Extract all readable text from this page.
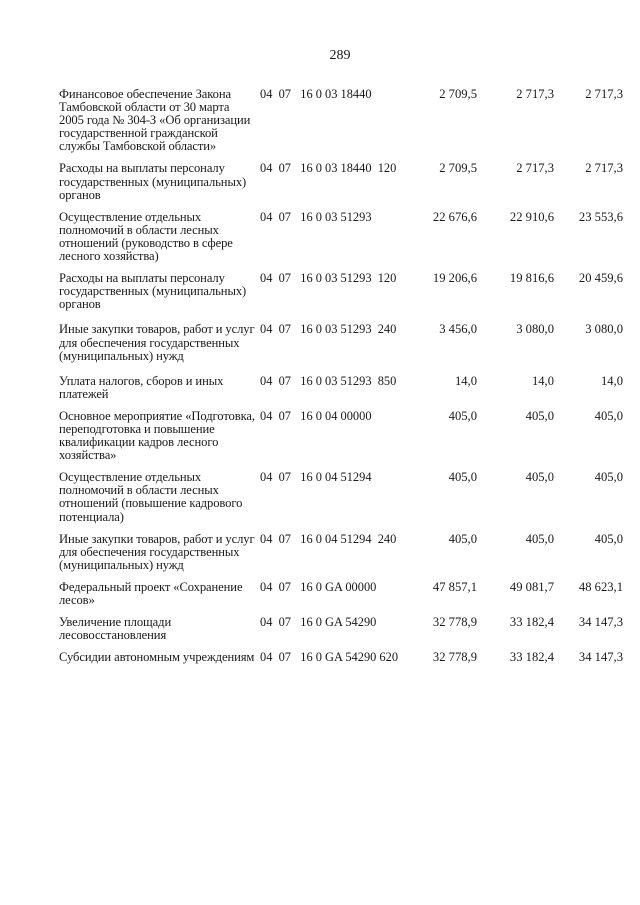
289
Финансовое обеспечение Закона Тамбовской области от 30 марта 2005 года № 304-З «Об организации государственной гражданской службы Тамбовской области»
04  07   16 0 03 18440	2 709,5	2 717,3	2 717,3
Расходы на выплаты персоналу государственных (муниципальных) органов
04  07   16 0 03 18440  120	2 709,5	2 717,3	2 717,3
Осуществление отдельных полномочий в области лесных отношений (руководство в сфере лесного хозяйства)
04  07   16 0 03 51293	22 676,6	22 910,6	23 553,6
Расходы на выплаты персоналу государственных (муниципальных) органов
04  07   16 0 03 51293  120	19 206,6	19 816,6	20 459,6
Иные закупки товаров, работ и услуг для обеспечения государственных (муниципальных) нужд
04  07   16 0 03 51293  240	3 456,0	3 080,0	3 080,0
Уплата налогов, сборов и иных платежей
04  07   16 0 03 51293  850	14,0	14,0	14,0
Основное мероприятие «Подготовка, переподготовка и повышение квалификации кадров лесного хозяйства»
04  07   16 0 04 00000	405,0	405,0	405,0
Осуществление отдельных полномочий в области лесных отношений (повышение кадрового потенциала)
04  07   16 0 04 51294	405,0	405,0	405,0
Иные закупки товаров, работ и услуг для обеспечения государственных (муниципальных) нужд
04  07   16 0 04 51294  240	405,0	405,0	405,0
Федеральный проект «Сохранение лесов»
04  07   16 0 GA 00000	47 857,1	49 081,7	48 623,1
Увеличение площади лесовосстановления
04  07   16 0 GA 54290	32 778,9	33 182,4	34 147,3
Субсидии автономным учреждениям 04  07   16 0 GA 54290 620	32 778,9	33 182,4	34 147,3
